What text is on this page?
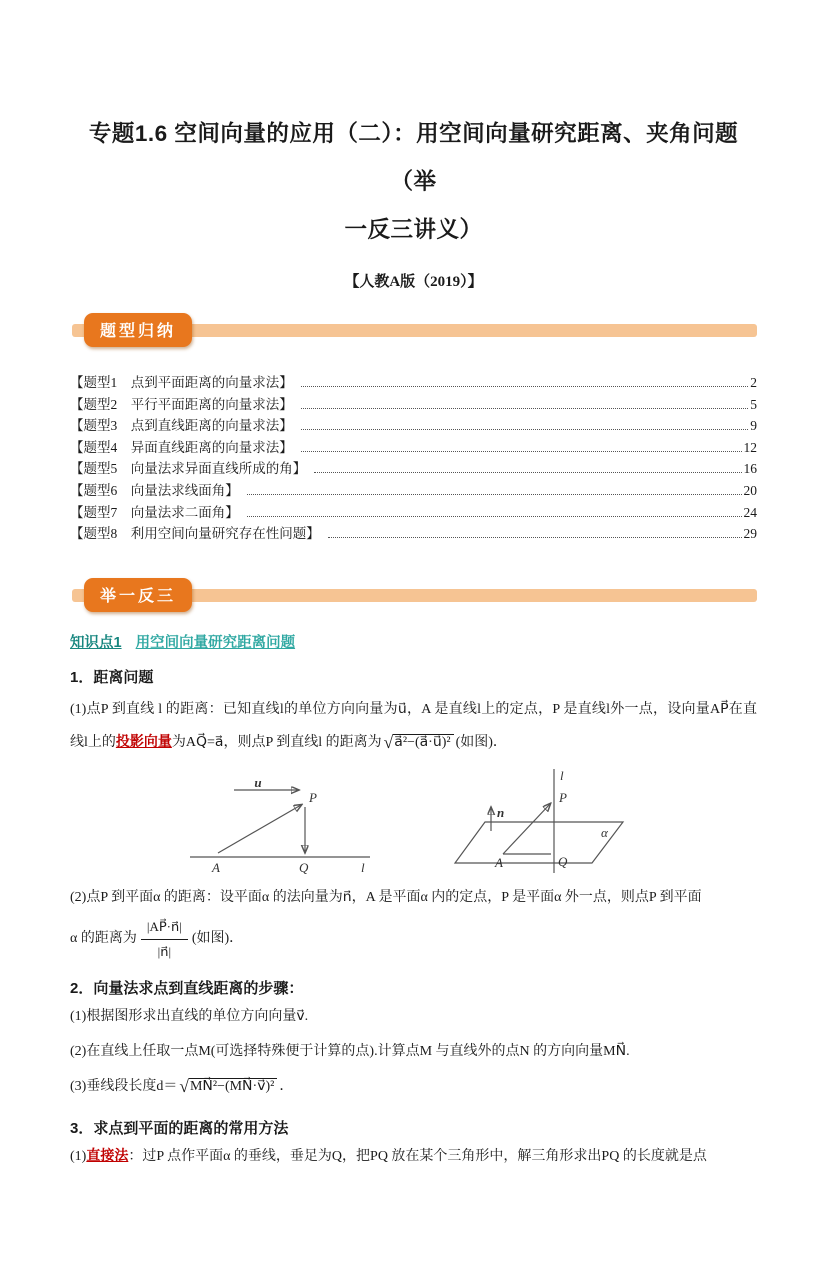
专题1.6 空间向量的应用（二）：用空间向量研究距离、夹角问题（举
一反三讲义）
【人教A版（2019）】
题型归纳
【题型1　点到平面距离的向量求法】	2
【题型2　平行平面距离的向量求法】	5
【题型3　点到直线距离的向量求法】	9
【题型4　异面直线距离的向量求法】	12
【题型5　向量法求异面直线所成的角】	16
【题型6　向量法求线面角】	20
【题型7　向量法求二面角】	24
【题型8　利用空间向量研究存在性问题】	29
举一反三
知识点1 用空间向量研究距离问题
1．距离问题
(1)点P 到直线 l 的距离：已知直线l的单位方向向量为u⃗，A 是直线l上的定点，P 是直线l外一点，设向量AP⃗在直线l上的投影向量为AQ⃗=a⃗，则点P 到直线l 的距离为 √a⃗²−(a⃗·u⃗)² (如图)．
u
P
A	Q	l
l
P
n
α
A	Q
(2)点P 到平面α 的距离：设平面α 的法向量为n⃗，A 是平面α 内的定点，P 是平面α 外一点，则点P 到平面
α 的距离为 $\frac{|AP⃗\cdot n⃗|}{|n⃗|}$ (如图)．
2．向量法求点到直线距离的步骤：
(1)根据图形求出直线的单位方向向量v⃗.
(2)在直线上任取一点M(可选择特殊便于计算的点).计算点M 与直线外的点N 的方向向量MN⃗.
(3)垂线段长度d＝ √MN⃗²−(MN⃗·v⃗)² ．
3．求点到平面的距离的常用方法
(1)直接法：过P 点作平面α 的垂线，垂足为Q，把PQ 放在某个三角形中，解三角形求出PQ 的长度就是点
